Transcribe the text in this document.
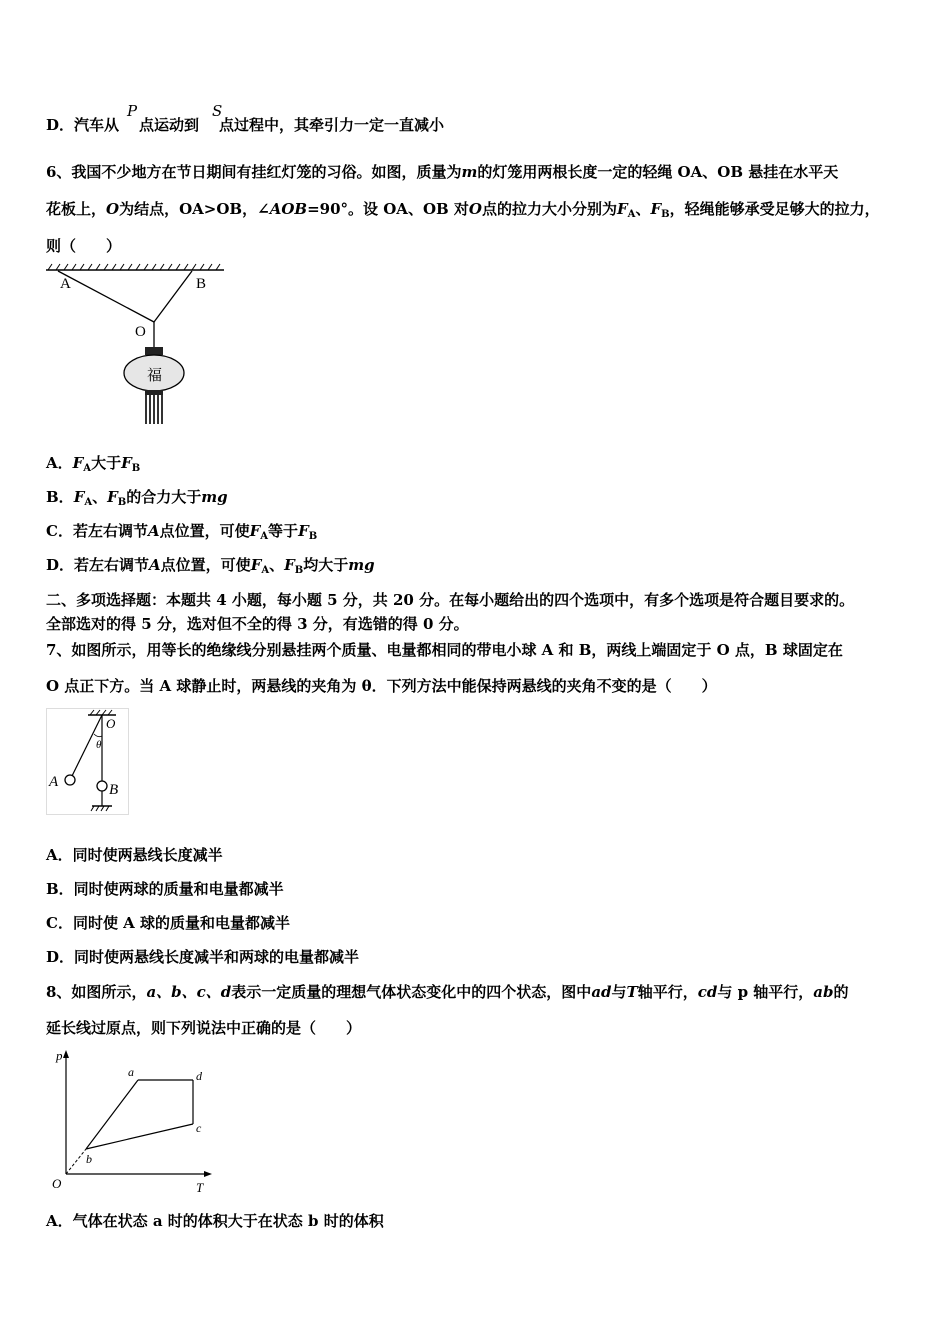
D．汽车从 点运动到 点过程中，其牵引力一定一直减小
P	S
6、我国不少地方在节日期间有挂红灯笼的习俗。如图，质量为m的灯笼用两根长度一定的轻绳 OA、OB 悬挂在水平天
花板上，O为结点，OA>OB，∠AOB=90°。设 OA、OB 对O点的拉力大小分别为$F_A$、$F_B$，轻绳能够承受足够大的拉力，
则（　　）
A	B
O
福
A．$F_A$大于$F_B$
B．$F_A$、$F_B$的合力大于mg
C．若左右调节A点位置，可使$F_A$等于$F_B$
D．若左右调节A点位置，可使$F_A$、$F_B$均大于mg
二、多项选择题：本题共 4 小题，每小题 5 分，共 20 分。在每小题给出的四个选项中，有多个选项是符合题目要求的。
全部选对的得 5 分，选对但不全的得 3 分，有选错的得 0 分。
7、如图所示，用等长的绝缘线分别悬挂两个质量、电量都相同的带电小球 A 和 B，两线上端固定于 O 点，B 球固定在
O 点正下方。当 A 球静止时，两悬线的夹角为 θ．下列方法中能保持两悬线的夹角不变的是（　　）
O
θ
A	B
A．同时使两悬线长度减半
B．同时使两球的质量和电量都减半
C．同时使 A 球的质量和电量都减半
D．同时使两悬线长度减半和两球的电量都减半
8、如图所示，a、b、c、d表示一定质量的理想气体状态变化中的四个状态，图中ad与T轴平行，cd与 p 轴平行，ab的
延长线过原点，则下列说法中正确的是（　　）
p
T
O
a
b
c
d
A．气体在状态 a 时的体积大于在状态 b 时的体积
